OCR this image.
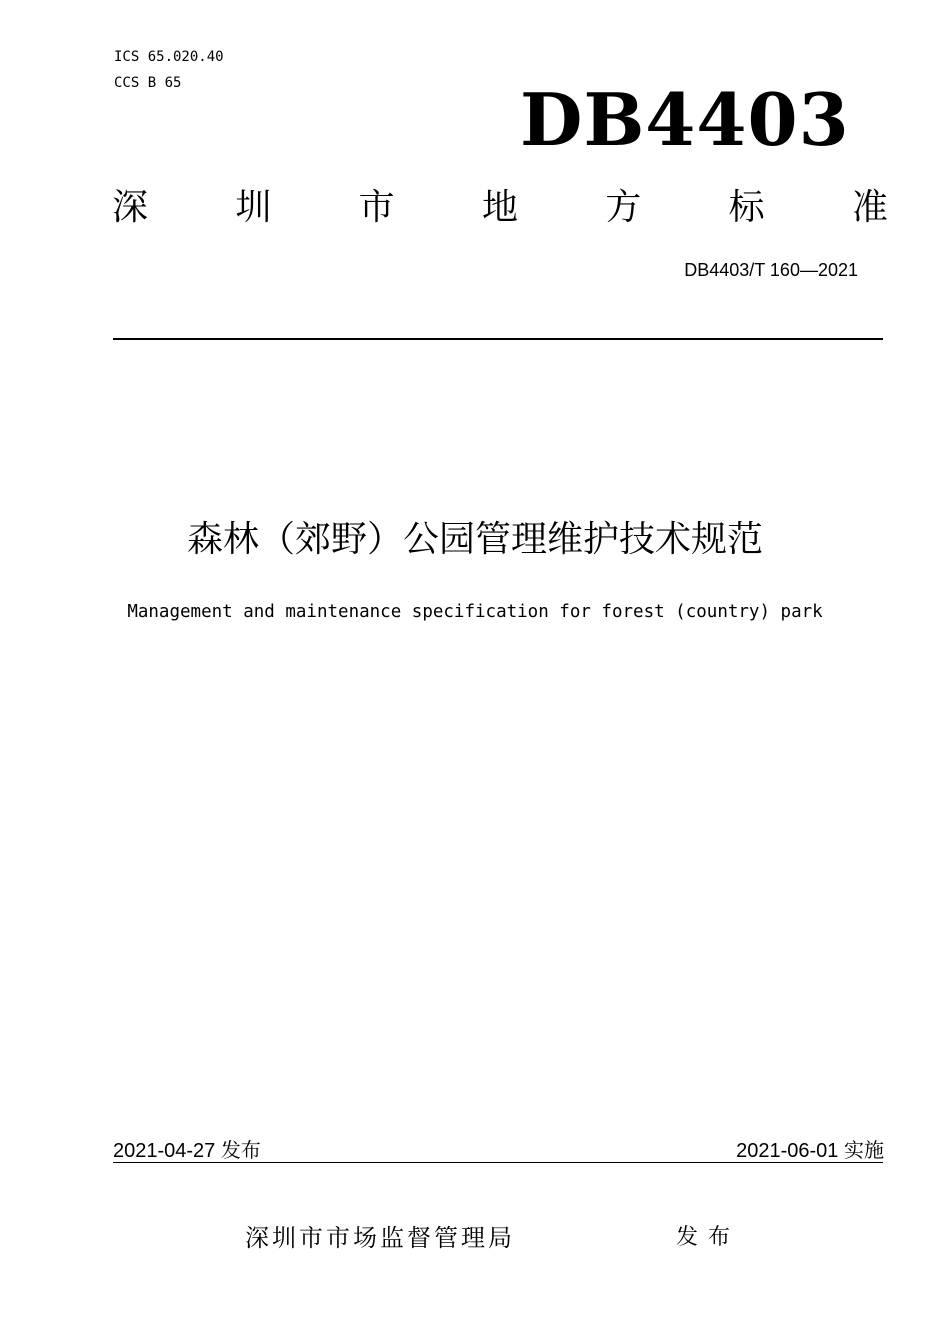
ICS 65.020.40
CCS B 65	DB4403
深 圳 市 地 方 标 准
DB4403/T 160—2021
森林（郊野）公园管理维护技术规范
Management and maintenance specification for forest (country) park
2021-04-27 发布	2021-06-01 实施
深圳市市场监督管理局	发布
